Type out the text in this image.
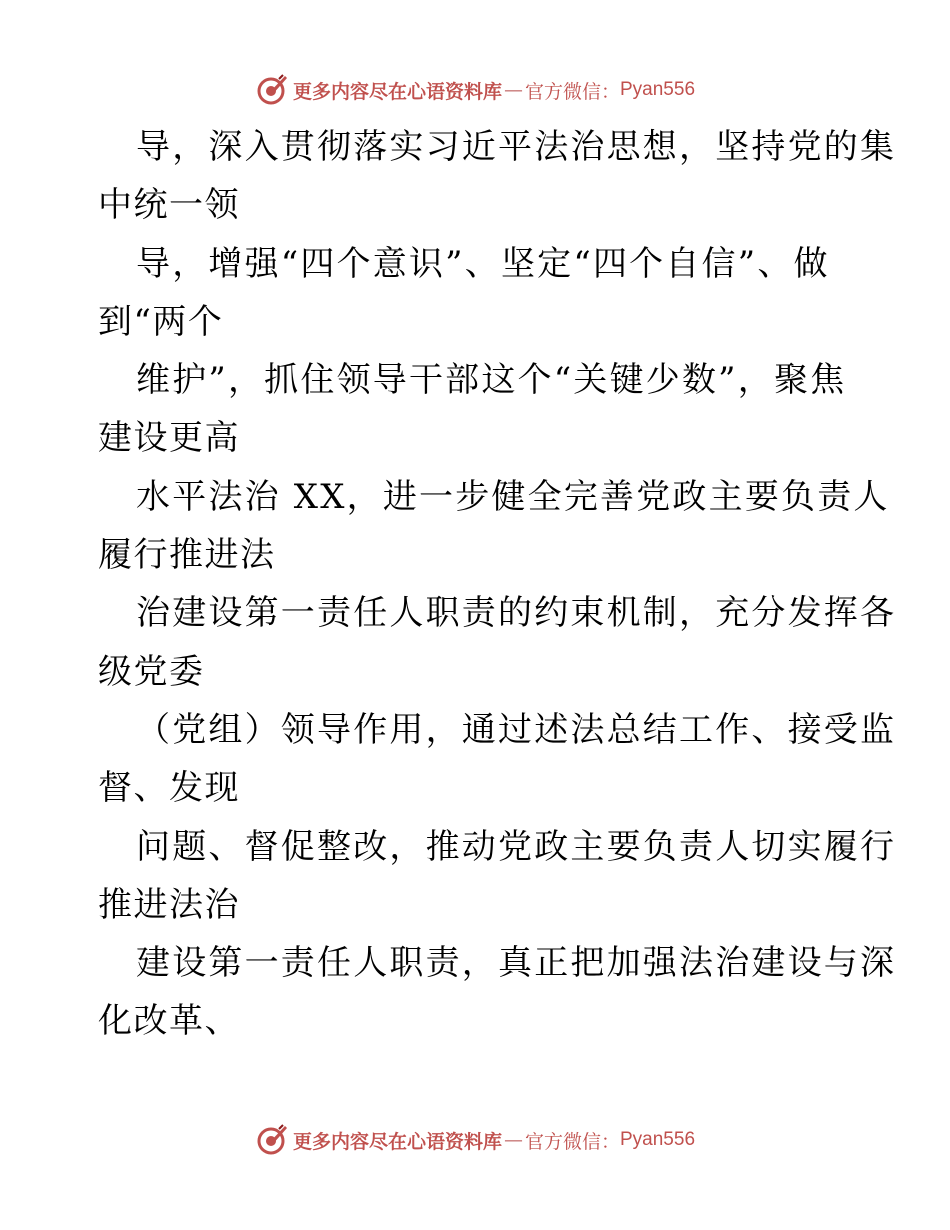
更多内容尽在心语资料库 — 官方微信： Pyan556
导，深入贯彻落实习近平法治思想，坚持党的集
中统一领
导，增强“四个意识”、坚定“四个自信”、做
到“两个
维护”，抓住领导干部这个“关键少数”，聚焦
建设更高
水平法治 XX，进一步健全完善党政主要负责人
履行推进法
治建设第一责任人职责的约束机制，充分发挥各
级党委
（党组）领导作用，通过述法总结工作、接受监
督、发现
问题、督促整改，推动党政主要负责人切实履行
推进法治
建设第一责任人职责，真正把加强法治建设与深
化改革、
更多内容尽在心语资料库 — 官方微信： Pyan556
